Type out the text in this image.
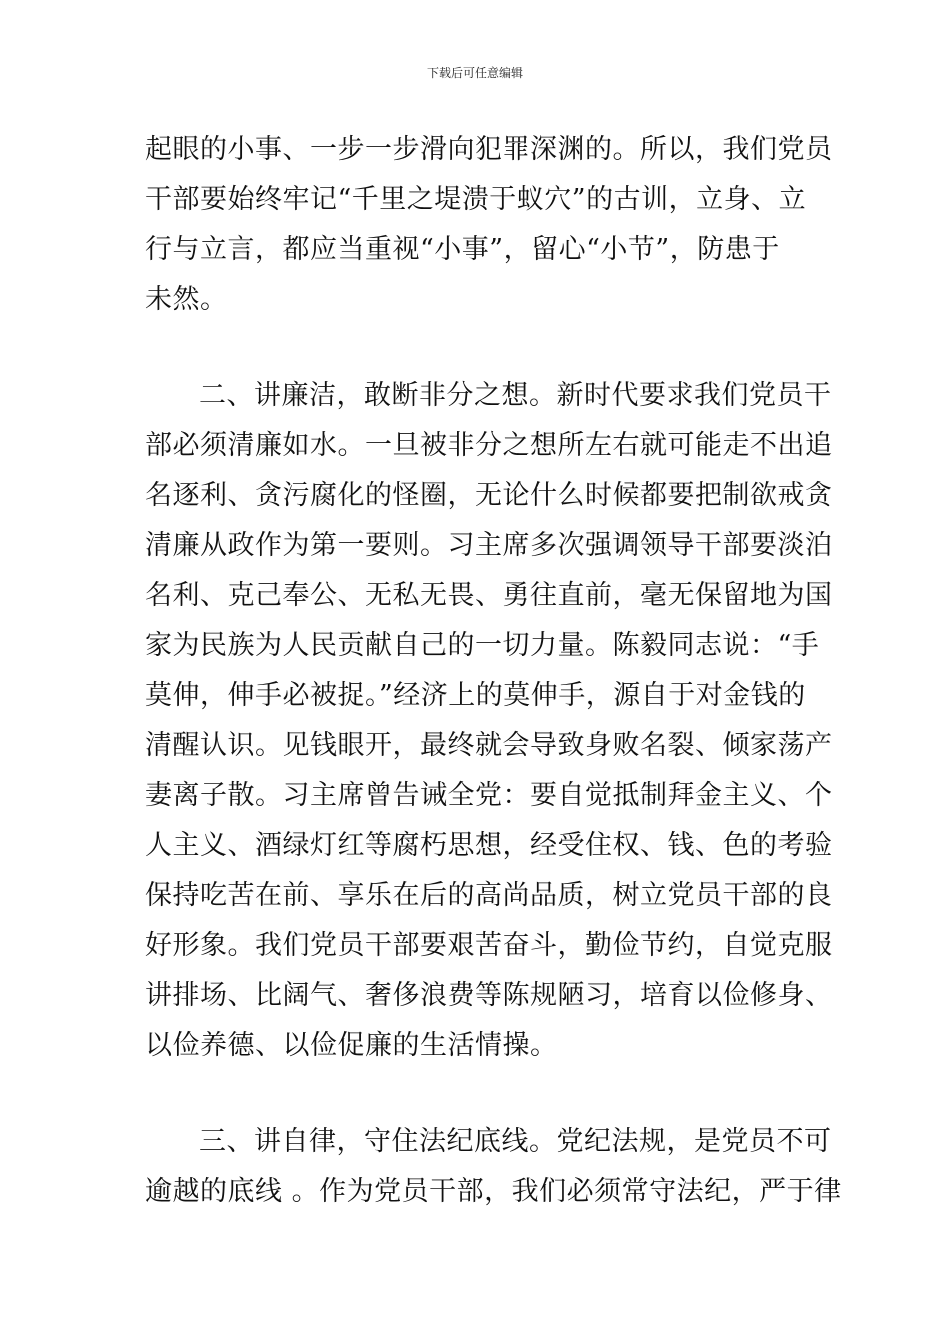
下载后可任意编辑
起眼的小事、一步一步滑向犯罪深渊的。所以，我们党员
干部要始终牢记“千里之堤溃于蚁穴”的古训，立身、立
行与立言，都应当重视“小事”，留心“小节”，防患于
未然。
二、讲廉洁，敢断非分之想。新时代要求我们党员干
部必须清廉如水。一旦被非分之想所左右就可能走不出追
名逐利、贪污腐化的怪圈，无论什么时候都要把制欲戒贪
清廉从政作为第一要则。习主席多次强调领导干部要淡泊
名利、克己奉公、无私无畏、勇往直前，毫无保留地为国
家为民族为人民贡献自己的一切力量。陈毅同志说：“手
莫伸，伸手必被捉。”经济上的莫伸手，源自于对金钱的
清醒认识。见钱眼开，最终就会导致身败名裂、倾家荡产
妻离子散。习主席曾告诫全党：要自觉抵制拜金主义、个
人主义、酒绿灯红等腐朽思想，经受住权、钱、色的考验
保持吃苦在前、享乐在后的高尚品质，树立党员干部的良
好形象。我们党员干部要艰苦奋斗，勤俭节约，自觉克服
讲排场、比阔气、奢侈浪费等陈规陋习，培育以俭修身、
以俭养德、以俭促廉的生活情操。
三、讲自律，守住法纪底线。党纪法规，是党员不可
逾越的底线 。作为党员干部，我们必须常守法纪，严于律
